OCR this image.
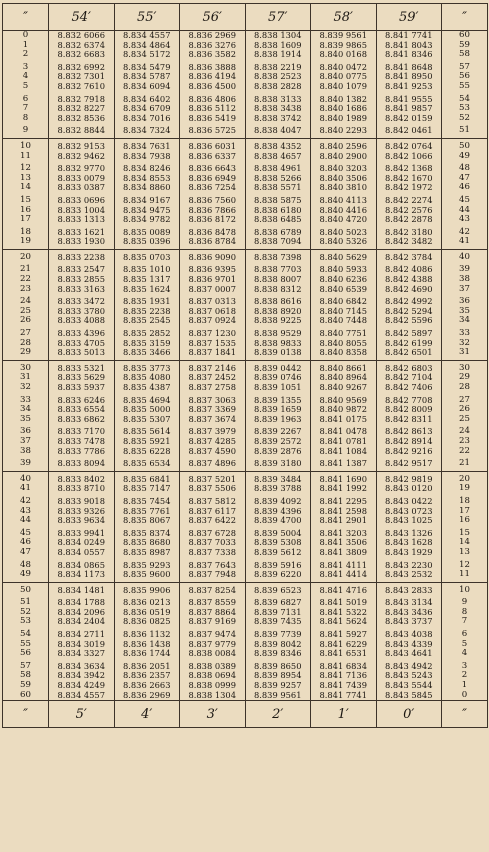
″	54′	55′	56′	57′	58′	59′	″
0	8.832 6066	8.834 4557	8.836 2969	8.838 1304	8.839 9561	8.841 7741	60
1	8.832 6374	8.834 4864	8.836 3276	8.838 1609	8.839 9865	8.841 8043	59
2	8.832 6683	8.834 5172	8.836 3582	8.838 1914	8.840 0168	8.841 8346	58
3	8.832 6992	8.834 5479	8.836 3888	8.838 2219	8.840 0472	8.841 8648	57
4	8.832 7301	8.834 5787	8.836 4194	8.838 2523	8.840 0775	8.841 8950	56
5	8.832 7610	8.834 6094	8.836 4500	8.838 2828	8.840 1079	8.841 9253	55
6	8.832 7918	8.834 6402	8.836 4806	8.838 3133	8.840 1382	8.841 9555	54
7	8.832 8227	8.834 6709	8.836 5112	8.838 3438	8.840 1686	8.841 9857	53
8	8.832 8536	8.834 7016	8.836 5419	8.838 3742	8.840 1989	8.842 0159	52
9	8.832 8844	8.834 7324	8.836 5725	8.838 4047	8.840 2293	8.842 0461	51
10	8.832 9153	8.834 7631	8.836 6031	8.838 4352	8.840 2596	8.842 0764	50
11	8.832 9462	8.834 7938	8.836 6337	8.838 4657	8.840 2900	8.842 1066	49
12	8.832 9770	8.834 8246	8.836 6643	8.838 4961	8.840 3203	8.842 1368	48
13	8.833 0079	8.834 8553	8.836 6949	8.838 5266	8.840 3506	8.842 1670	47
14	8.833 0387	8.834 8860	8.836 7254	8.838 5571	8.840 3810	8.842 1972	46
15	8.833 0696	8.834 9167	8.836 7560	8.838 5875	8.840 4113	8.842 2274	45
16	8.833 1004	8.834 9475	8.836 7866	8.838 6180	8.840 4416	8.842 2576	44
17	8.833 1313	8.834 9782	8.836 8172	8.838 6485	8.840 4720	8.842 2878	43
18	8.833 1621	8.835 0089	8.836 8478	8.838 6789	8.840 5023	8.842 3180	42
19	8.833 1930	8.835 0396	8.836 8784	8.838 7094	8.840 5326	8.842 3482	41
20	8.833 2238	8.835 0703	8.836 9090	8.838 7398	8.840 5629	8.842 3784	40
21	8.833 2547	8.835 1010	8.836 9395	8.838 7703	8.840 5933	8.842 4086	39
22	8.833 2855	8.835 1317	8.836 9701	8.838 8007	8.840 6236	8.842 4388	38
23	8.833 3163	8.835 1624	8.837 0007	8.838 8312	8.840 6539	8.842 4690	37
24	8.833 3472	8.835 1931	8.837 0313	8.838 8616	8.840 6842	8.842 4992	36
25	8.833 3780	8.835 2238	8.837 0618	8.838 8920	8.840 7145	8.842 5294	35
26	8.833 4088	8.835 2545	8.837 0924	8.838 9225	8.840 7448	8.842 5596	34
27	8.833 4396	8.835 2852	8.837 1230	8.838 9529	8.840 7751	8.842 5897	33
28	8.833 4705	8.835 3159	8.837 1535	8.838 9833	8.840 8055	8.842 6199	32
29	8.833 5013	8.835 3466	8.837 1841	8.839 0138	8.840 8358	8.842 6501	31
30	8.833 5321	8.835 3773	8.837 2146	8.839 0442	8.840 8661	8.842 6803	30
31	8.833 5629	8.835 4080	8.837 2452	8.839 0746	8.840 8964	8.842 7104	29
32	8.833 5937	8.835 4387	8.837 2758	8.839 1051	8.840 9267	8.842 7406	28
33	8.833 6246	8.835 4694	8.837 3063	8.839 1355	8.840 9569	8.842 7708	27
34	8.833 6554	8.835 5000	8.837 3369	8.839 1659	8.840 9872	8.842 8009	26
35	8.833 6862	8.835 5307	8.837 3674	8.839 1963	8.841 0175	8.842 8311	25
36	8.833 7170	8.835 5614	8.837 3979	8.839 2267	8.841 0478	8.842 8613	24
37	8.833 7478	8.835 5921	8.837 4285	8.839 2572	8.841 0781	8.842 8914	23
38	8.833 7786	8.835 6228	8.837 4590	8.839 2876	8.841 1084	8.842 9216	22
39	8.833 8094	8.835 6534	8.837 4896	8.839 3180	8.841 1387	8.842 9517	21
40	8.833 8402	8.835 6841	8.837 5201	8.839 3484	8.841 1690	8.842 9819	20
41	8.833 8710	8.835 7147	8.837 5506	8.839 3788	8.841 1992	8.843 0120	19
42	8.833 9018	8.835 7454	8.837 5812	8.839 4092	8.841 2295	8.843 0422	18
43	8.833 9326	8.835 7761	8.837 6117	8.839 4396	8.841 2598	8.843 0723	17
44	8.833 9634	8.835 8067	8.837 6422	8.839 4700	8.841 2901	8.843 1025	16
45	8.833 9941	8.835 8374	8.837 6728	8.839 5004	8.841 3203	8.843 1326	15
46	8.834 0249	8.835 8680	8.837 7033	8.839 5308	8.841 3506	8.843 1628	14
47	8.834 0557	8.835 8987	8.837 7338	8.839 5612	8.841 3809	8.843 1929	13
48	8.834 0865	8.835 9293	8.837 7643	8.839 5916	8.841 4111	8.843 2230	12
49	8.834 1173	8.835 9600	8.837 7948	8.839 6220	8.841 4414	8.843 2532	11
50	8.834 1481	8.835 9906	8.837 8254	8.839 6523	8.841 4716	8.843 2833	10
51	8.834 1788	8.836 0213	8.837 8559	8.839 6827	8.841 5019	8.843 3134	9
52	8.834 2096	8.836 0519	8.837 8864	8.839 7131	8.841 5322	8.843 3436	8
53	8.834 2404	8.836 0825	8.837 9169	8.839 7435	8.841 5624	8.843 3737	7
54	8.834 2711	8.836 1132	8.837 9474	8.839 7739	8.841 5927	8.843 4038	6
55	8.834 3019	8.836 1438	8.837 9779	8.839 8042	8.841 6229	8.843 4339	5
56	8.834 3327	8.836 1744	8.838 0084	8.839 8346	8.841 6531	8.843 4641	4
57	8.834 3634	8.836 2051	8.838 0389	8.839 8650	8.841 6834	8.843 4942	3
58	8.834 3942	8.836 2357	8.838 0694	8.839 8954	8.841 7136	8.843 5243	2
59	8.834 4249	8.836 2663	8.838 0999	8.839 9257	8.841 7439	8.843 5544	1
60	8.834 4557	8.836 2969	8.838 1304	8.839 9561	8.841 7741	8.843 5845	0
″	5′	4′	3′	2′	1′	0′	″
